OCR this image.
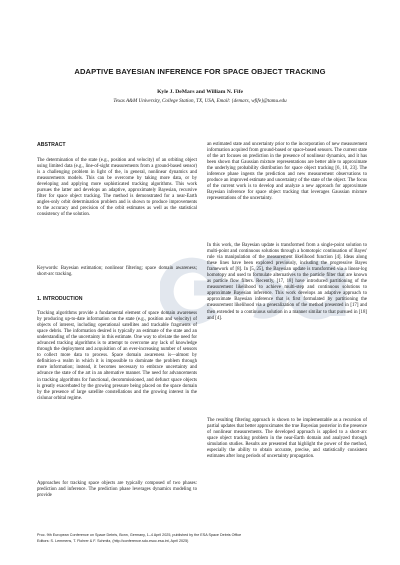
ADAPTIVE BAYESIAN INFERENCE FOR SPACE OBJECT TRACKING
Kyle J. DeMars and William N. Fife
Texas A&M University, College Station, TX, USA, Email: {demars, wfife}@tamu.edu
ABSTRACT

The determination of the state (e.g., position and velocity) of an orbiting object using limited data (e.g., line-of-sight measurements from a ground-based sensor) is a challenging problem in light of the, in general, nonlinear dynamics and measurements models. This can be overcome by taking more data, or by developing and applying more sophisticated tracking algorithms. This work pursues the latter and develops an adaptive, approximately Bayesian, recursive filter for space object tracking. The method is demonstrated for a near-Earth angles-only orbit determination problem and is shown to produce improvements to the accuracy and precision of the orbit estimates as well as the statistical consistency of the solution.

Keywords: Bayesian estimation; nonlinear filtering; space domain awareness; short-arc tracking.

1. INTRODUCTION

Tracking algorithms provide a fundamental element of space domain awareness by producing up-to-date information on the state (e.g., position and velocity) of objects of interest, including operational satellites and trackable fragments of space debris. The information desired is typically an estimate of the state and an understanding of the uncertainty in this estimate. One way to obviate the need for advanced tracking algorithms is to attempt to overcome any lack of knowledge through the deployment and acquisition of an ever-increasing number of sensors to collect more data to process. Space domain awareness is—almost by definition–a realm in which it is impossible to dominate the problem through more information; instead, it becomes necessary to embrace uncertainty and advance the state of the art in an alternative manner. The need for advancements in tracking algorithms for functional, decommissioned, and defunct space objects is greatly exacerbated by the growing pressure being placed on the space domain by the presence of large satellite constellations and the growing interest in the cislunar orbital regime.

Approaches for tracking space objects are typically composed of two phases: prediction and inference. The prediction phase leverages dynamics modeling to provide

an estimated state and uncertainty prior to the incorporation of new measurement information acquired from ground-based or space-based sensors. The current state of the art focuses on prediction in the presence of nonlinear dynamics, and it has been shown that Gaussian mixture representations are better able to approximate the underlying probability distribution for space object tracking [6, 10, 23]. The inference phase ingests the prediction and new measurement observations to produce an improved estimate and uncertainty of the state of the object. The focus of the current work is to develop and analyze a new approach for approximate Bayesian inference for space object tracking that leverages Gaussian mixture representations of the uncertainty.

In this work, the Bayesian update is transformed from a single-point solution to multi-point and continuous solutions through a homotopic continuation of Bayes' rule via manipulation of the measurement likelihood function [4]. Ideas along these lines have been explored previously, including the progressive Bayes framework of [8]. In [5, 25], the Bayesian update is transformed via a linear-log homotopy and used to formulate alternatives to the particle filter that are known as particle flow filters. Recently, [17, 18] have introduced partitioning of the measurement likelihood to achieve multi-step and continuous solutions to approximate Bayesian inference. This work develops an adaptive approach to approximate Bayesian inference that is first formulated by partitioning the measurement likelihood via a generalization of the method presented in [17] and then extended to a continuous solution in a manner similar to that pursued in [18] and [4].

The resulting filtering approach is shown to be implementable as a recursion of partial updates that better approximates the true Bayesian posterior in the presence of nonlinear measurements. The developed approach is applied to a short-arc space object tracking problem in the near-Earth domain and analyzed through simulation studies. Results are presented that highlight the power of the method, especially the ability to obtain accurate, precise, and statistically consistent estimates after long periods of uncertainty propagation.

Proc. 9th European Conference on Space Debris, Bonn, Germany, 1–4 April 2025, published by the ESA Space Debris Office
Editors: S. Lemmens, T. Flohrer & F. Schmitz, (http://conference.sdo.esoc.esa.int, April 2025)
